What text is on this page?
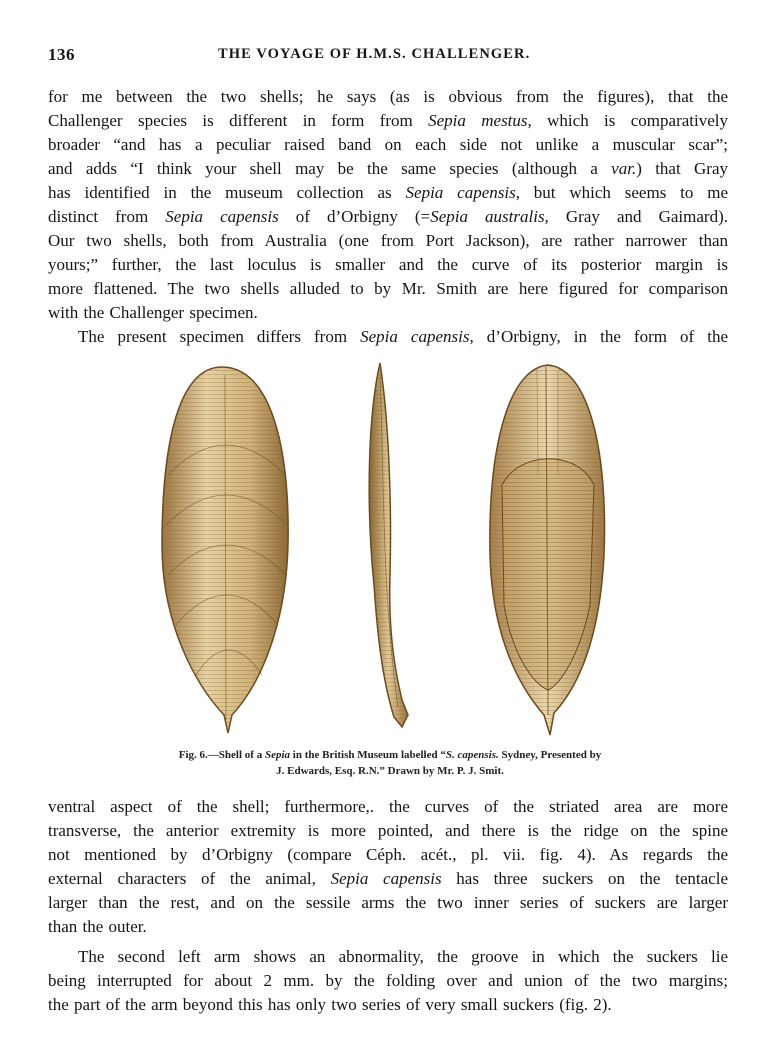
136	THE VOYAGE OF H.M.S. CHALLENGER.
for me between the two shells; he says (as is obvious from the figures), that the
Challenger species is different in form from Sepia mestus, which is comparatively
broader “and has a peculiar raised band on each side not unlike a muscular scar”;
and adds “I think your shell may be the same species (although a var.) that Gray
has identified in the museum collection as Sepia capensis, but which seems to me
distinct from Sepia capensis of d’Orbigny (=Sepia australis, Gray and Gaimard).
Our two shells, both from Australia (one from Port Jackson), are rather narrower than
yours;” further, the last loculus is smaller and the curve of its posterior margin is
more flattened. The two shells alluded to by Mr. Smith are here figured for comparison
with the Challenger specimen.
The present specimen differs from Sepia capensis, d’Orbigny, in the form of the
Fig. 6.—Shell of a Sepia in the British Museum labelled “S. capensis. Sydney, Presented by
J. Edwards, Esq. R.N.” Drawn by Mr. P. J. Smit.
ventral aspect of the shell; furthermore,. the curves of the striated area are more
transverse, the anterior extremity is more pointed, and there is the ridge on the spine
not mentioned by d’Orbigny (compare Céph. acét., pl. vii. fig. 4). As regards the
external characters of the animal, Sepia capensis has three suckers on the tentacle
larger than the rest, and on the sessile arms the two inner series of suckers are larger
than the outer.
The second left arm shows an abnormality, the groove in which the suckers lie
being interrupted for about 2 mm. by the folding over and union of the two margins;
the part of the arm beyond this has only two series of very small suckers (fig. 2).
